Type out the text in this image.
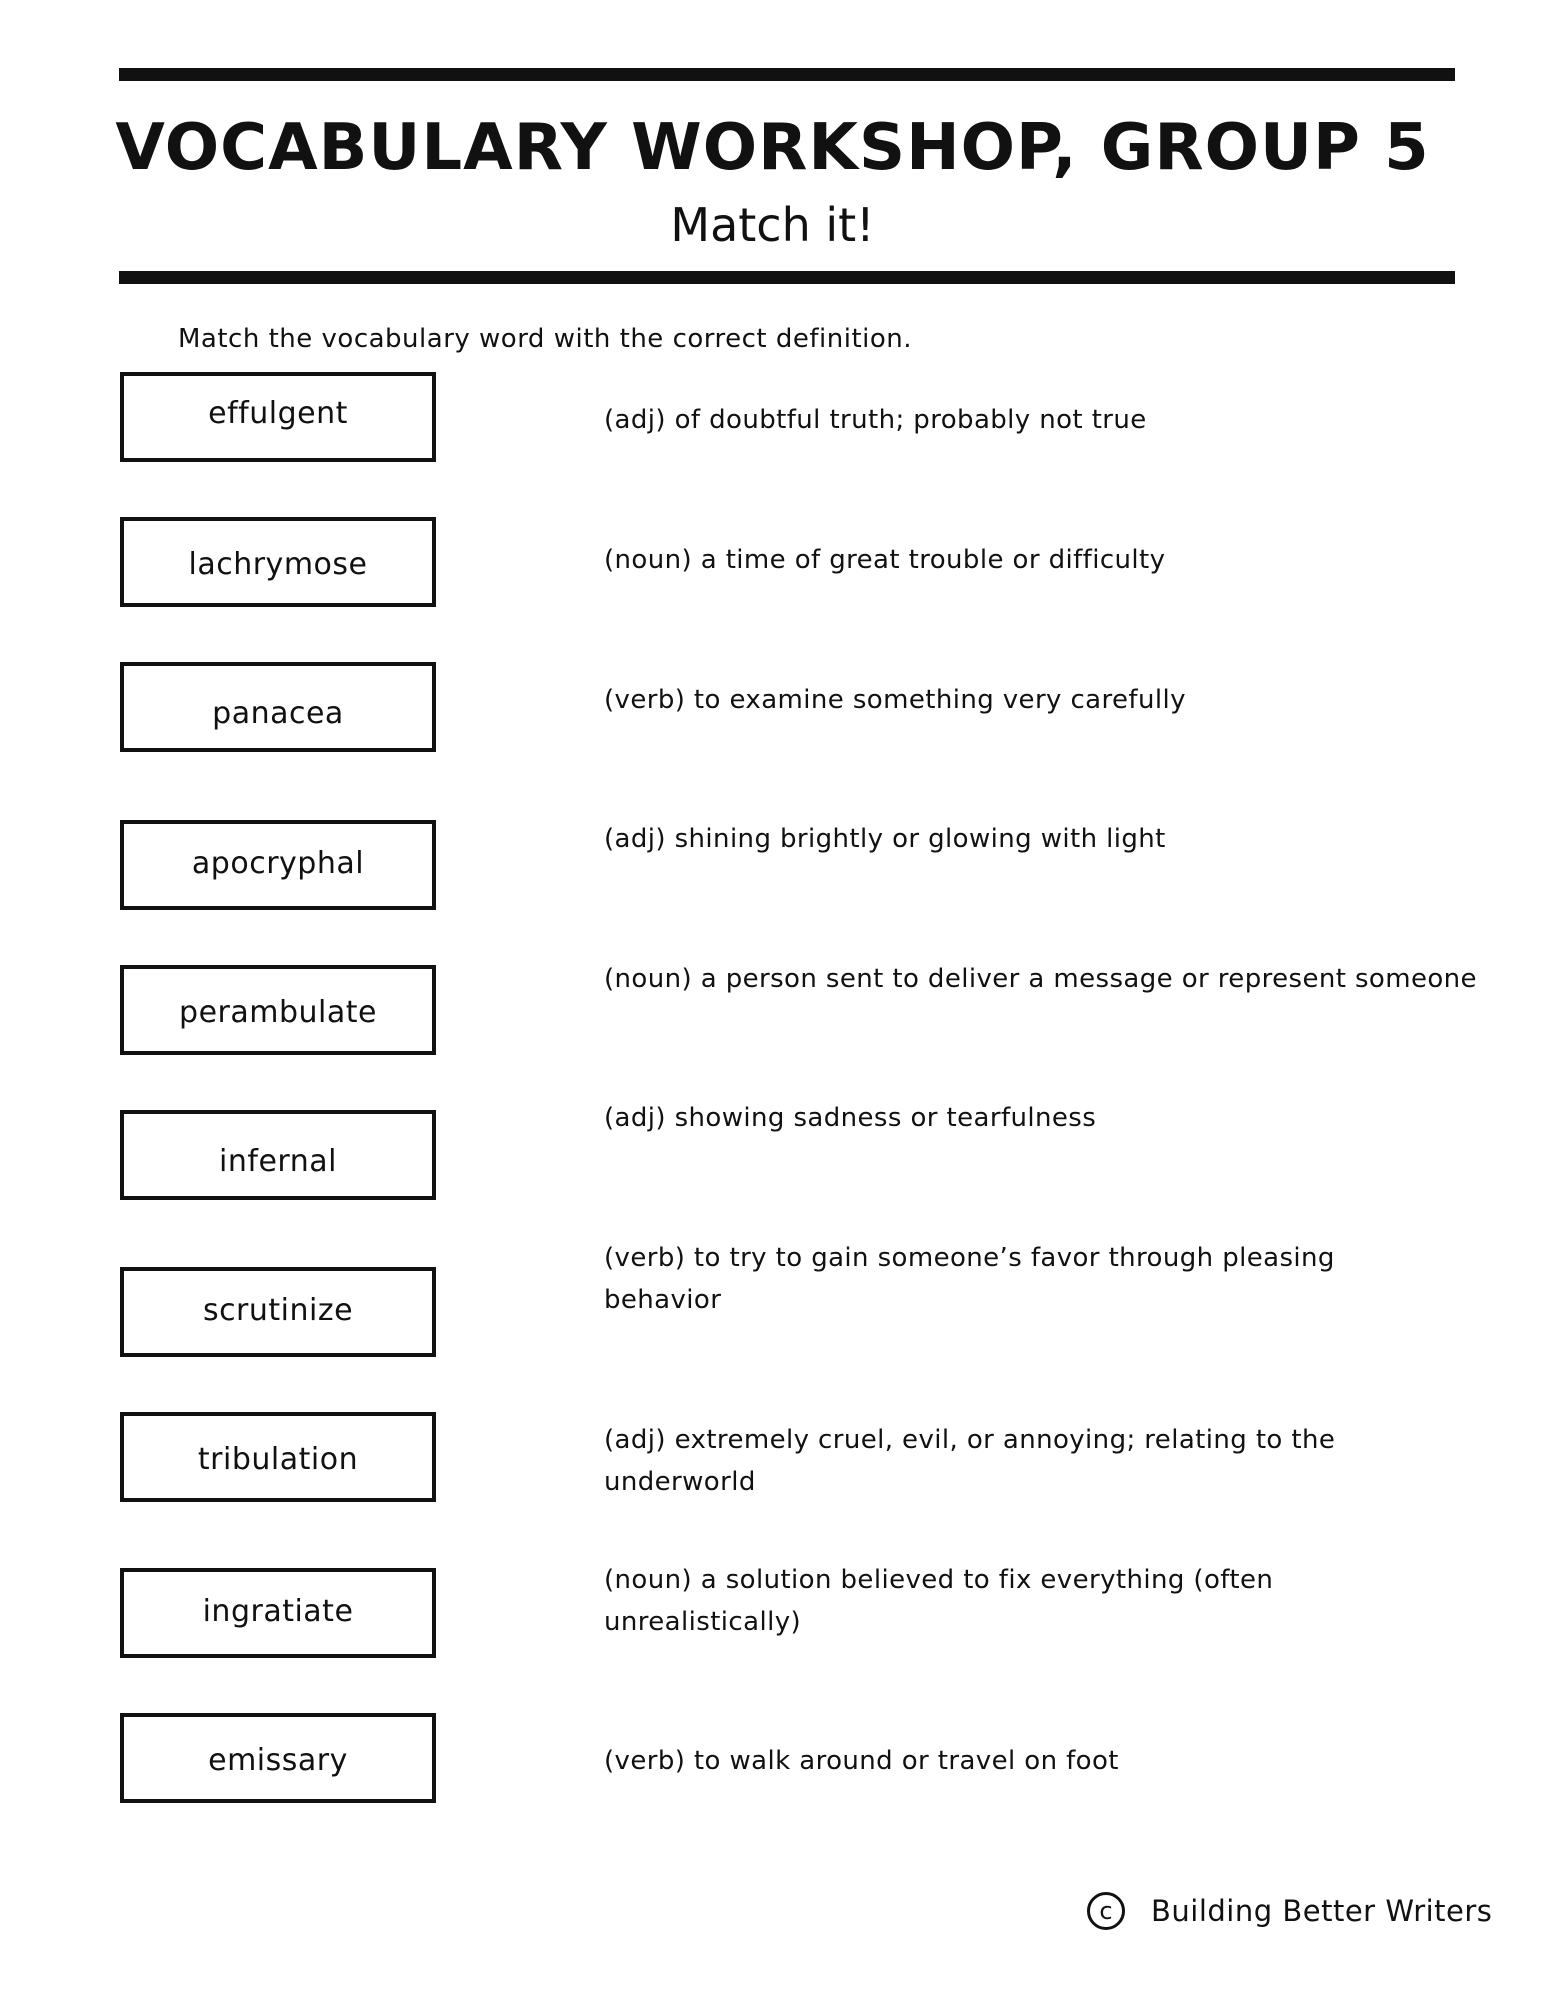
VOCABULARY WORKSHOP, GROUP 5
Match it!
Match the vocabulary word with the correct definition.
effulgent
lachrymose
panacea
apocryphal
perambulate
infernal
scrutinize
tribulation
ingratiate
emissary
(adj) of doubtful truth; probably not true
(noun) a time of great trouble or difficulty
(verb) to examine something very carefully
(adj) shining brightly or glowing with light
(noun) a person sent to deliver a message or represent someone
(adj) showing sadness or tearfulness
(verb) to try to gain someone’s favor through pleasing behavior
(adj) extremely cruel, evil, or annoying; relating to the underworld
(noun) a solution believed to fix everything (often unrealistically)
(verb) to walk around or travel on foot
c	Building Better Writers
